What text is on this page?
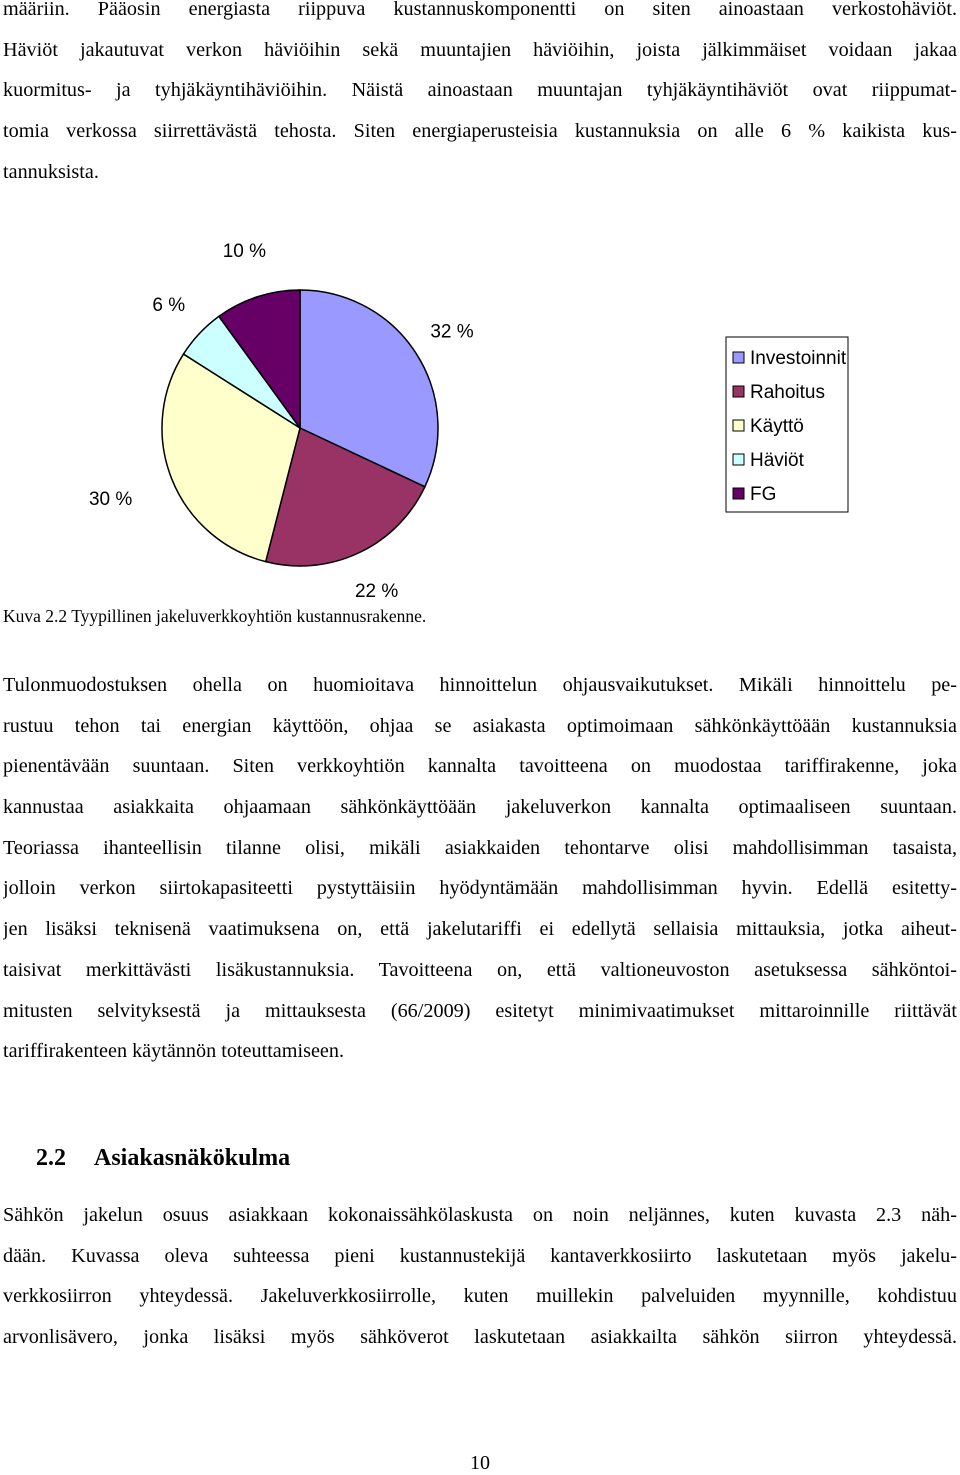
määriin. Pääosin energiasta riippuva kustannuskomponentti on siten ainoastaan verkostohäviöt.
Häviöt jakautuvat verkon häviöihin sekä muuntajien häviöihin, joista jälkimmäiset voidaan jakaa
kuormitus- ja tyhjäkäyntihäviöihin. Näistä ainoastaan muuntajan tyhjäkäyntihäviöt ovat riippumat-
tomia verkossa siirrettävästä tehosta. Siten energiaperusteisia kustannuksia on alle 6 % kaikista kus-
tannuksista.
32 %
22 %
30 %
6 %
10 %
Investoinnit
Rahoitus
Käyttö
Häviöt
FG
Kuva 2.2 Tyypillinen jakeluverkkoyhtiön kustannusrakenne.
Tulonmuodostuksen ohella on huomioitava hinnoittelun ohjausvaikutukset. Mikäli hinnoittelu pe-
rustuu tehon tai energian käyttöön, ohjaa se asiakasta optimoimaan sähkönkäyttöään kustannuksia
pienentävään suuntaan. Siten verkkoyhtiön kannalta tavoitteena on muodostaa tariffirakenne, joka
kannustaa asiakkaita ohjaamaan sähkönkäyttöään jakeluverkon kannalta optimaaliseen suuntaan.
Teoriassa ihanteellisin tilanne olisi, mikäli asiakkaiden tehontarve olisi mahdollisimman tasaista,
jolloin verkon siirtokapasiteetti pystyttäisiin hyödyntämään mahdollisimman hyvin. Edellä esitetty-
jen lisäksi teknisenä vaatimuksena on, että jakelutariffi ei edellytä sellaisia mittauksia, jotka aiheut-
taisivat merkittävästi lisäkustannuksia. Tavoitteena on, että valtioneuvoston asetuksessa sähköntoi-
mitusten selvityksestä ja mittauksesta (66/2009) esitetyt minimivaatimukset mittaroinnille riittävät
tariffirakenteen käytännön toteuttamiseen.
2.2 Asiakasnäkökulma
Sähkön jakelun osuus asiakkaan kokonaissähkölaskusta on noin neljännes, kuten kuvasta 2.3 näh-
dään. Kuvassa oleva suhteessa pieni kustannustekijä kantaverkkosiirto laskutetaan myös jakelu-
verkkosiirron yhteydessä. Jakeluverkkosiirrolle, kuten muillekin palveluiden myynnille, kohdistuu
arvonlisävero, jonka lisäksi myös sähköverot laskutetaan asiakkailta sähkön siirron yhteydessä.
10
